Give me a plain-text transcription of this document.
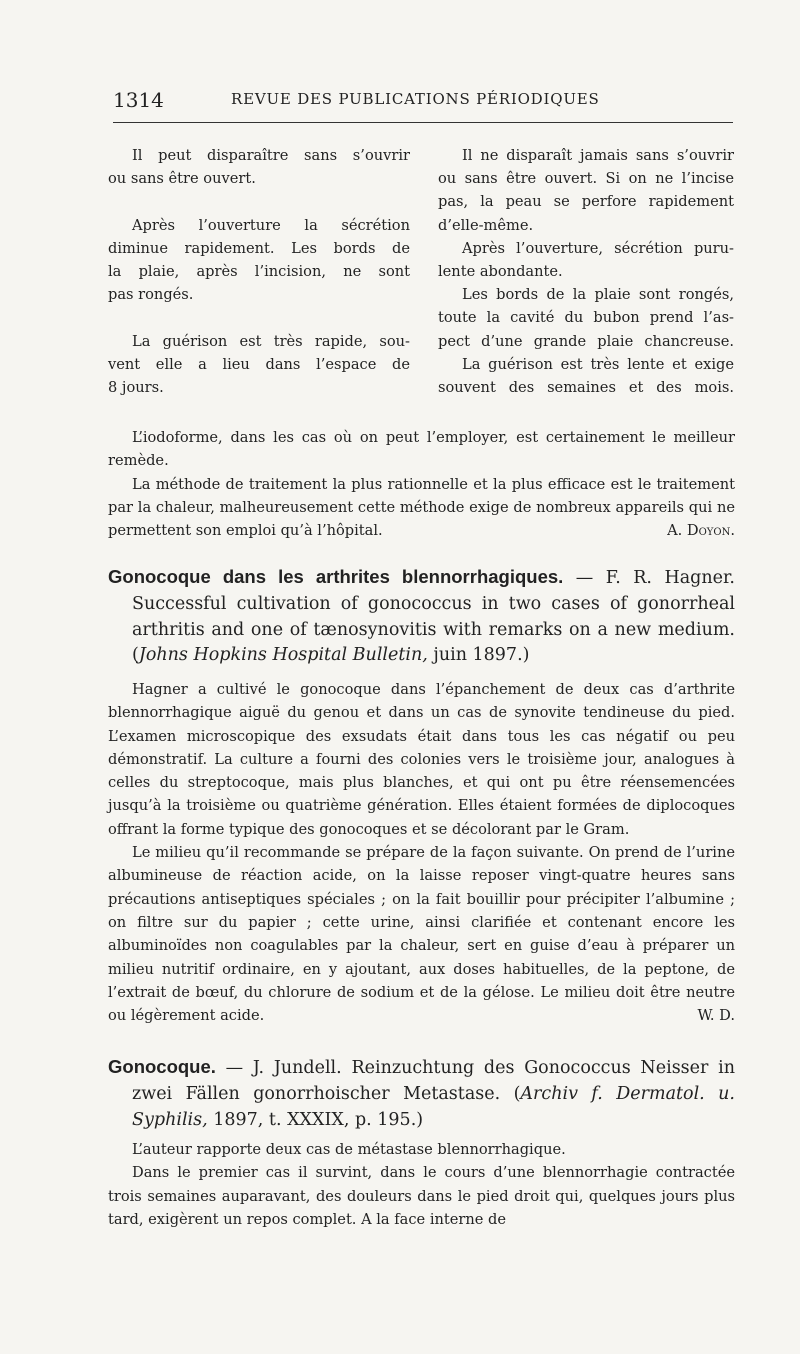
1314	REVUE DES PUBLICATIONS PÉRIODIQUES

Il peut disparaître sans s’ouvrir

ou sans être ouvert.

Après l’ouverture la sécrétion

diminue rapidement. Les bords de

la plaie, après l’incision, ne sont

pas rongés.

La guérison est très rapide, sou-

vent elle a lieu dans l’espace de

8 jours.

Il ne disparaît jamais sans s’ouvrir

ou sans être ouvert. Si on ne l’incise

pas, la peau se perfore rapidement

d’elle-même.

Après l’ouverture, sécrétion puru-

lente abondante.

Les bords de la plaie sont rongés,

toute la cavité du bubon prend l’as-

pect d’une grande plaie chancreuse.

La guérison est très lente et exige

souvent des semaines et des mois.

L’iodoforme, dans les cas où on peut l’employer, est certainement le meilleur remède.

La méthode de traitement la plus rationnelle et la plus efficace est le traitement par la chaleur, malheureusement cette méthode exige de nombreux appareils qui ne permettent son emploi qu’à l’hôpital.	A. Doyon.

Gonocoque dans les arthrites blennorrhagiques. — F. R. Hagner. Successful cultivation of gonococcus in two cases of gonorrheal arthritis and one of tænosynovitis with remarks on a new medium. (Johns Hopkins Hospital Bulletin, juin 1897.)

Hagner a cultivé le gonocoque dans l’épanchement de deux cas d’arthrite blennorrhagique aiguë du genou et dans un cas de synovite tendineuse du pied. L’examen microscopique des exsudats était dans tous les cas négatif ou peu démonstratif. La culture a fourni des colonies vers le troisième jour, analogues à celles du streptocoque, mais plus blanches, et qui ont pu être réensemencées jusqu’à la troisième ou quatrième génération. Elles étaient formées de diplocoques offrant la forme typique des gonocoques et se décolorant par le Gram.

Le milieu qu’il recommande se prépare de la façon suivante. On prend de l’urine albumineuse de réaction acide, on la laisse reposer vingt-quatre heures sans précautions antiseptiques spéciales ; on la fait bouillir pour précipiter l’albumine ; on filtre sur du papier ; cette urine, ainsi clarifiée et contenant encore les albuminoïdes non coagulables par la chaleur, sert en guise d’eau à préparer un milieu nutritif ordinaire, en y ajoutant, aux doses habituelles, de la peptone, de l’extrait de bœuf, du chlorure de sodium et de la gélose. Le milieu doit être neutre ou légèrement acide.	W. D.

Gonocoque. — J. Jundell. Reinzuchtung des Gonococcus Neisser in zwei Fällen gonorrhoischer Metastase. (Archiv f. Dermatol. u. Syphilis, 1897, t. XXXIX, p. 195.)

L’auteur rapporte deux cas de métastase blennorrhagique.

Dans le premier cas il survint, dans le cours d’une blennorrhagie contractée trois semaines auparavant, des douleurs dans le pied droit qui, quelques jours plus tard, exigèrent un repos complet. A la face interne de
